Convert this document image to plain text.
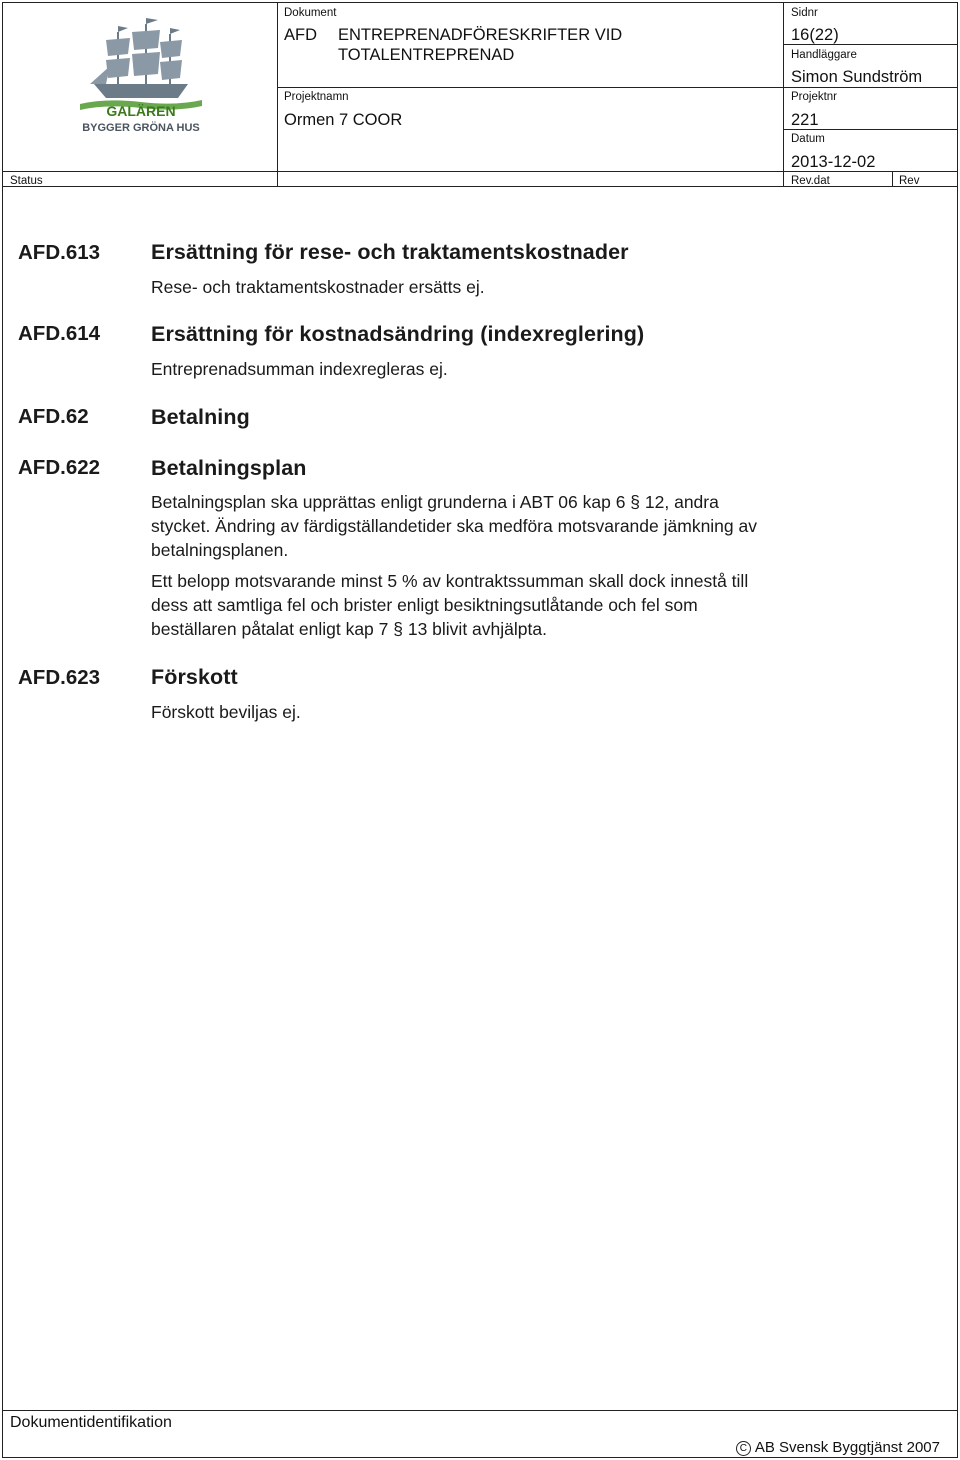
GALÄREN
BYGGER GRÖNA HUS
Dokument
AFD ENTREPRENADFÖRESKRIFTER VID
TOTALENTREPRENAD
Sidnr
16(22)
Handläggare
Simon Sundström
Projektnamn
Ormen 7 COOR
Projektnr
221
Datum
2013-12-02
Status	Rev.dat	Rev
AFD.613 Ersättning för rese- och traktamentskostnader
Rese- och traktamentskostnader ersätts ej.
AFD.614 Ersättning för kostnadsändring (indexreglering)
Entreprenadsumman indexregleras ej.
AFD.62	Betalning
AFD.622 Betalningsplan
Betalningsplan ska upprättas enligt grunderna i ABT 06 kap 6 § 12, andra
stycket. Ändring av färdigställandetider ska medföra motsvarande jämkning av
betalningsplanen.
Ett belopp motsvarande minst 5 % av kontraktssumman skall dock innestå till
dess att samtliga fel och brister enligt besiktningsutlåtande och fel som
beställaren påtalat enligt kap 7 § 13 blivit avhjälpta.
AFD.623 Förskott
Förskott beviljas ej.
Dokumentidentifikation
C AB Svensk Byggtjänst 2007
